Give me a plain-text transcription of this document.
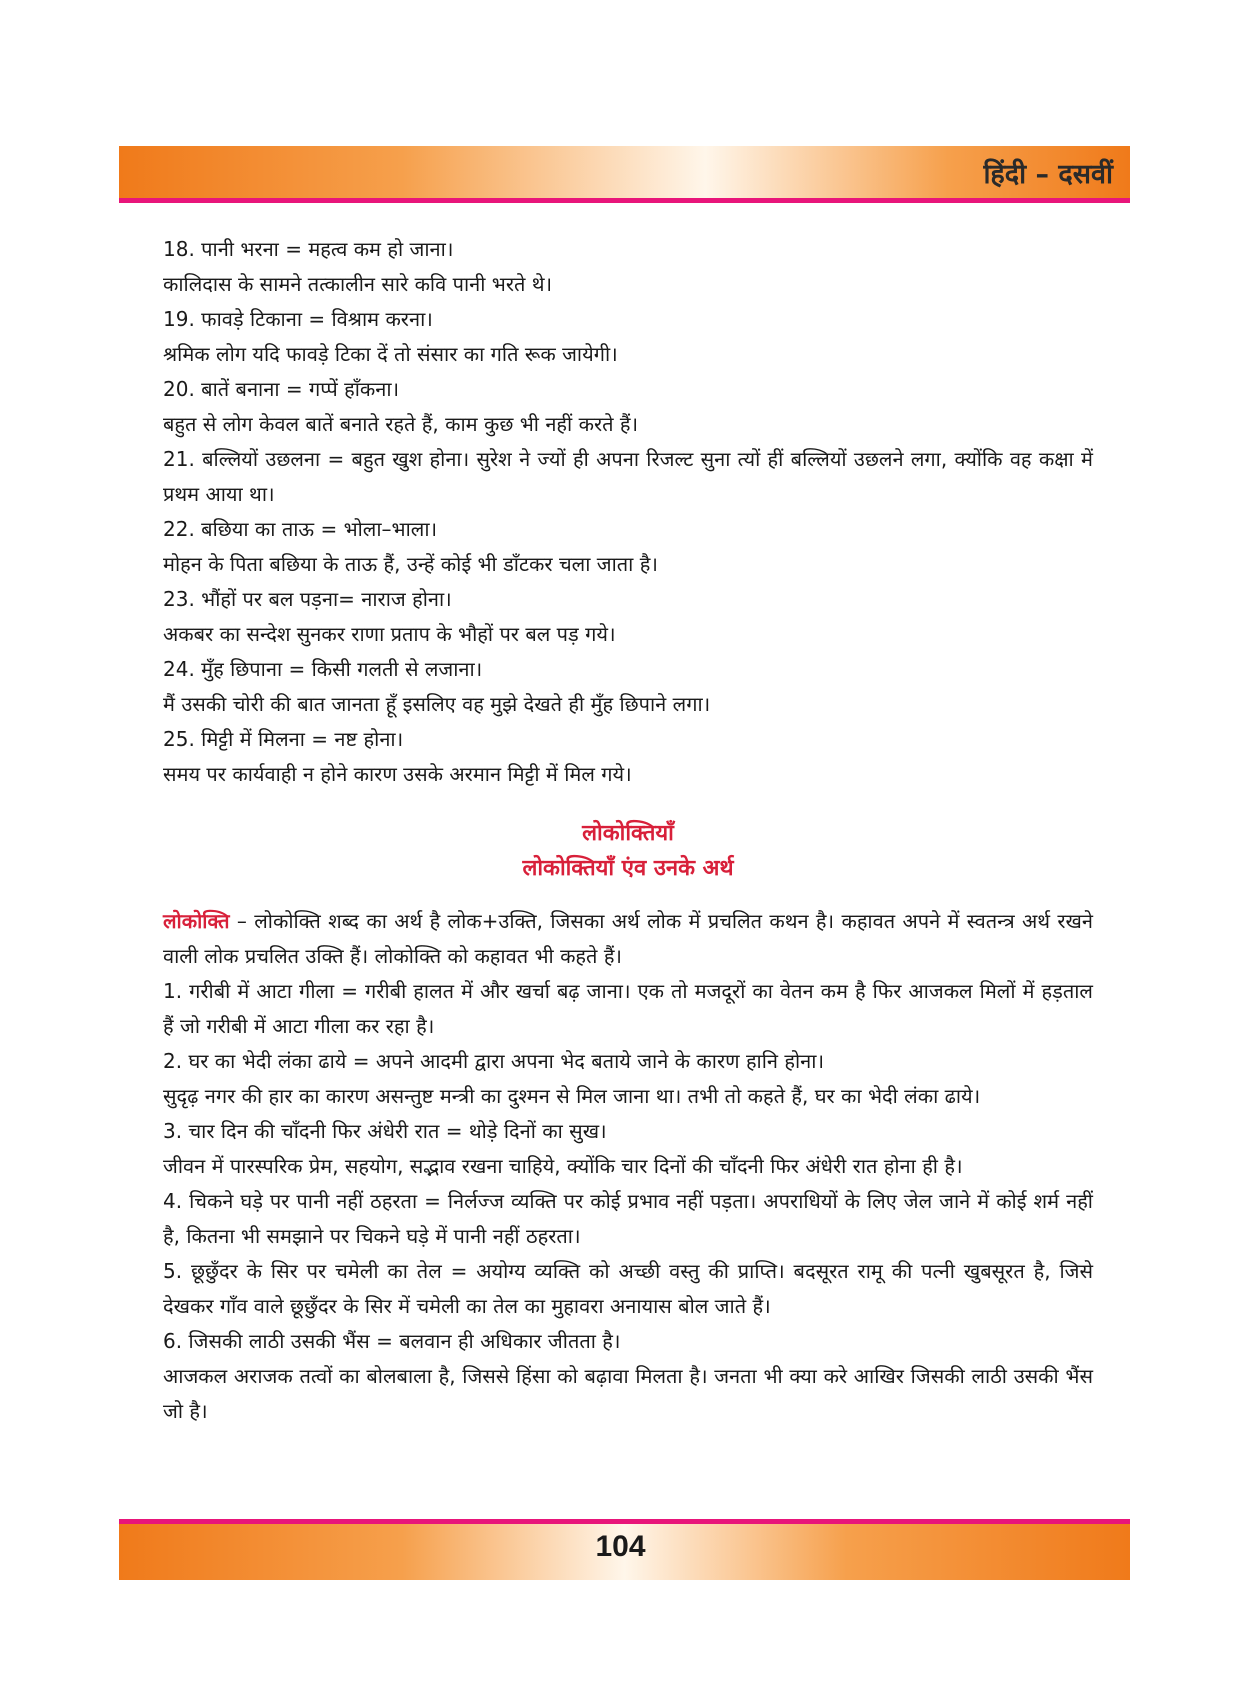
हिंदी – दसवीं

18. पानी भरना = महत्व कम हो जाना।

कालिदास के सामने तत्कालीन सारे कवि पानी भरते थे।

19. फावड़े टिकाना = विश्राम करना।

श्रमिक लोग यदि फावड़े टिका दें तो संसार का गति रूक जायेगी।

20. बातें बनाना = गप्पें हाँकना।

बहुत से लोग केवल बातें बनाते रहते हैं, काम कुछ भी नहीं करते हैं।

21. बल्लियों उछलना = बहुत खुश होना। सुरेश ने ज्यों ही अपना रिजल्ट सुना त्यों हीं बल्लियों उछलने लगा, क्योंकि वह कक्षा में प्रथम आया था।

22. बछिया का ताऊ = भोला–भाला।

मोहन के पिता बछिया के ताऊ हैं, उन्हें कोई भी डाँटकर चला जाता है।

23. भौंहों पर बल पड़ना= नाराज होना।

अकबर का सन्देश सुनकर राणा प्रताप के भौहों पर बल पड़ गये।

24. मुँह छिपाना = किसी गलती से लजाना।

मैं उसकी चोरी की बात जानता हूँ इसलिए वह मुझे देखते ही मुँह छिपाने लगा।

25. मिट्टी में मिलना = नष्ट होना।

समय पर कार्यवाही न होने कारण उसके अरमान मिट्टी में मिल गये।

लोकोक्तियाँ
लोकोक्तियाँ एंव उनके अर्थ

लोकोक्ति – लोकोक्ति शब्द का अर्थ है लोक+उक्ति, जिसका अर्थ लोक में प्रचलित कथन है। कहावत अपने में स्वतन्त्र अर्थ रखने वाली लोक प्रचलित उक्ति हैं। लोकोक्ति को कहावत भी कहते हैं।

1. गरीबी में आटा गीला = गरीबी हालत में और खर्चा बढ़ जाना। एक तो मजदूरों का वेतन कम है फिर आजकल मिलों में हड़ताल हैं जो गरीबी में आटा गीला कर रहा है।

2. घर का भेदी लंका ढाये = अपने आदमी द्वारा अपना भेद बताये जाने के कारण हानि होना।

सुदृढ़ नगर की हार का कारण असन्तुष्ट मन्त्री का दुश्मन से मिल जाना था। तभी तो कहते हैं, घर का भेदी लंका ढाये।

3. चार दिन की चाँदनी फिर अंधेरी रात = थोड़े दिनों का सुख।

जीवन में पारस्परिक प्रेम, सहयोग, सद्भाव रखना चाहिये, क्योंकि चार दिनों की चाँदनी फिर अंधेरी रात होना ही है।

4. चिकने घड़े पर पानी नहीं ठहरता = निर्लज्ज व्यक्ति पर कोई प्रभाव नहीं पड़ता। अपराधियों के लिए जेल जाने में कोई शर्म नहीं है, कितना भी समझाने पर चिकने घड़े में पानी नहीं ठहरता।

5. छूछुँदर के सिर पर चमेली का तेल = अयोग्य व्यक्ति को अच्छी वस्तु की प्राप्ति। बदसूरत रामू की पत्नी खुबसूरत है, जिसे देखकर गाँव वाले छूछुँदर के सिर में चमेली का तेल का मुहावरा अनायास बोल जाते हैं।

6. जिसकी लाठी उसकी भैंस = बलवान ही अधिकार जीतता है।

आजकल अराजक तत्वों का बोलबाला है, जिससे हिंसा को बढ़ावा मिलता है। जनता भी क्या करे आखिर जिसकी लाठी उसकी भैंस जो है।

104
